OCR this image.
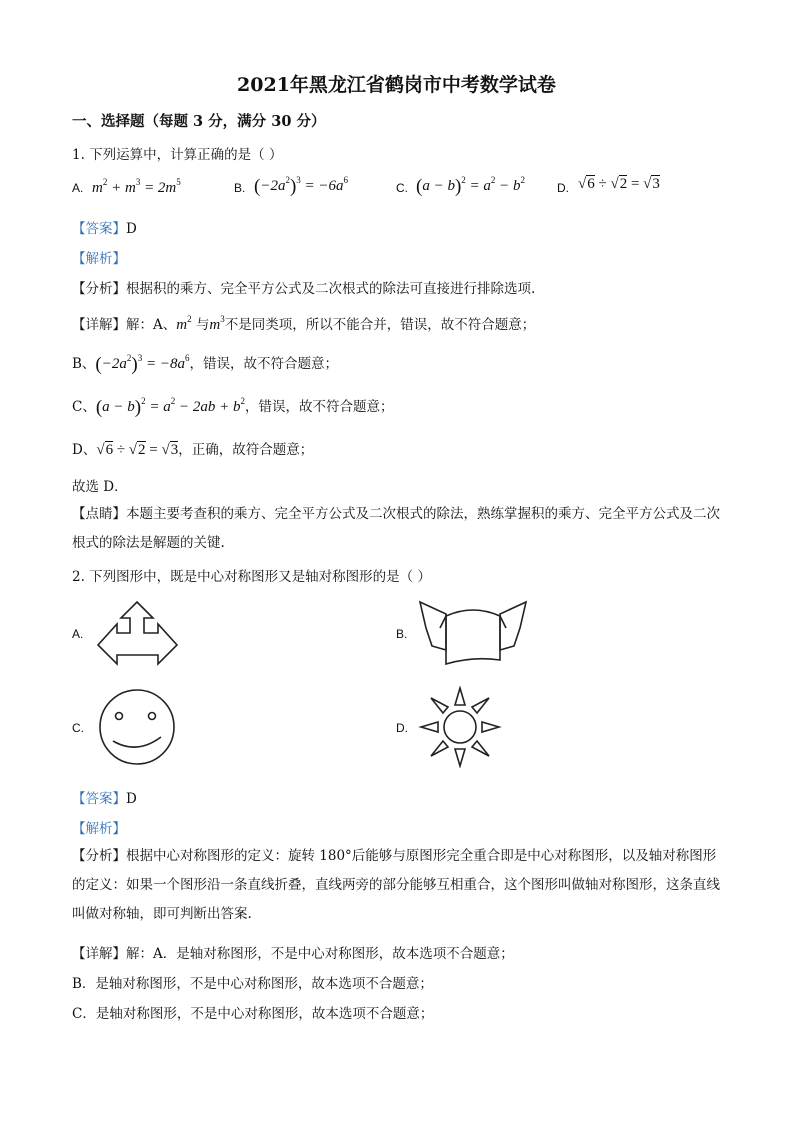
2021年黑龙江省鹤岗市中考数学试卷
一、选择题（每题 3 分，满分 30 分）
1. 下列运算中，计算正确的是（ ）
A. $m^2 + m^3 = 2m^5$	B. $(-2a^2)^3 = -6a^6$
C. $(a - b)^2 = a^2 - b^2$
D. √6 ÷ √2 = √3
【答案】D
【解析】
【分析】根据积的乘方、完全平方公式及二次根式的除法可直接进行排除选项.
【详解】解：A、$m^2$ 与$m^3$不是同类项，所以不能合并，错误，故不符合题意；
B、$(-2a^2)^3 = -8a^6$，错误，故不符合题意；
C、$(a - b)^2 = a^2 - 2ab + b^2$，错误，故不符合题意；
D、√6 ÷ √2 = √3，正确，故符合题意；
故选 D．
【点睛】本题主要考查积的乘方、完全平方公式及二次根式的除法，熟练掌握积的乘方、完全平方公式及二次根式的除法是解题的关键.
2. 下列图形中，既是中心对称图形又是轴对称图形的是（ ）
A.	B.
C.	D.
【答案】D
【解析】
【分析】根据中心对称图形的定义：旋转 180°后能够与原图形完全重合即是中心对称图形，以及轴对称图形的定义：如果一个图形沿一条直线折叠，直线两旁的部分能够互相重合，这个图形叫做轴对称图形，这条直线叫做对称轴，即可判断出答案.
【详解】解：A．是轴对称图形，不是中心对称图形，故本选项不合题意；
B．是轴对称图形，不是中心对称图形，故本选项不合题意；
C．是轴对称图形，不是中心对称图形，故本选项不合题意；
